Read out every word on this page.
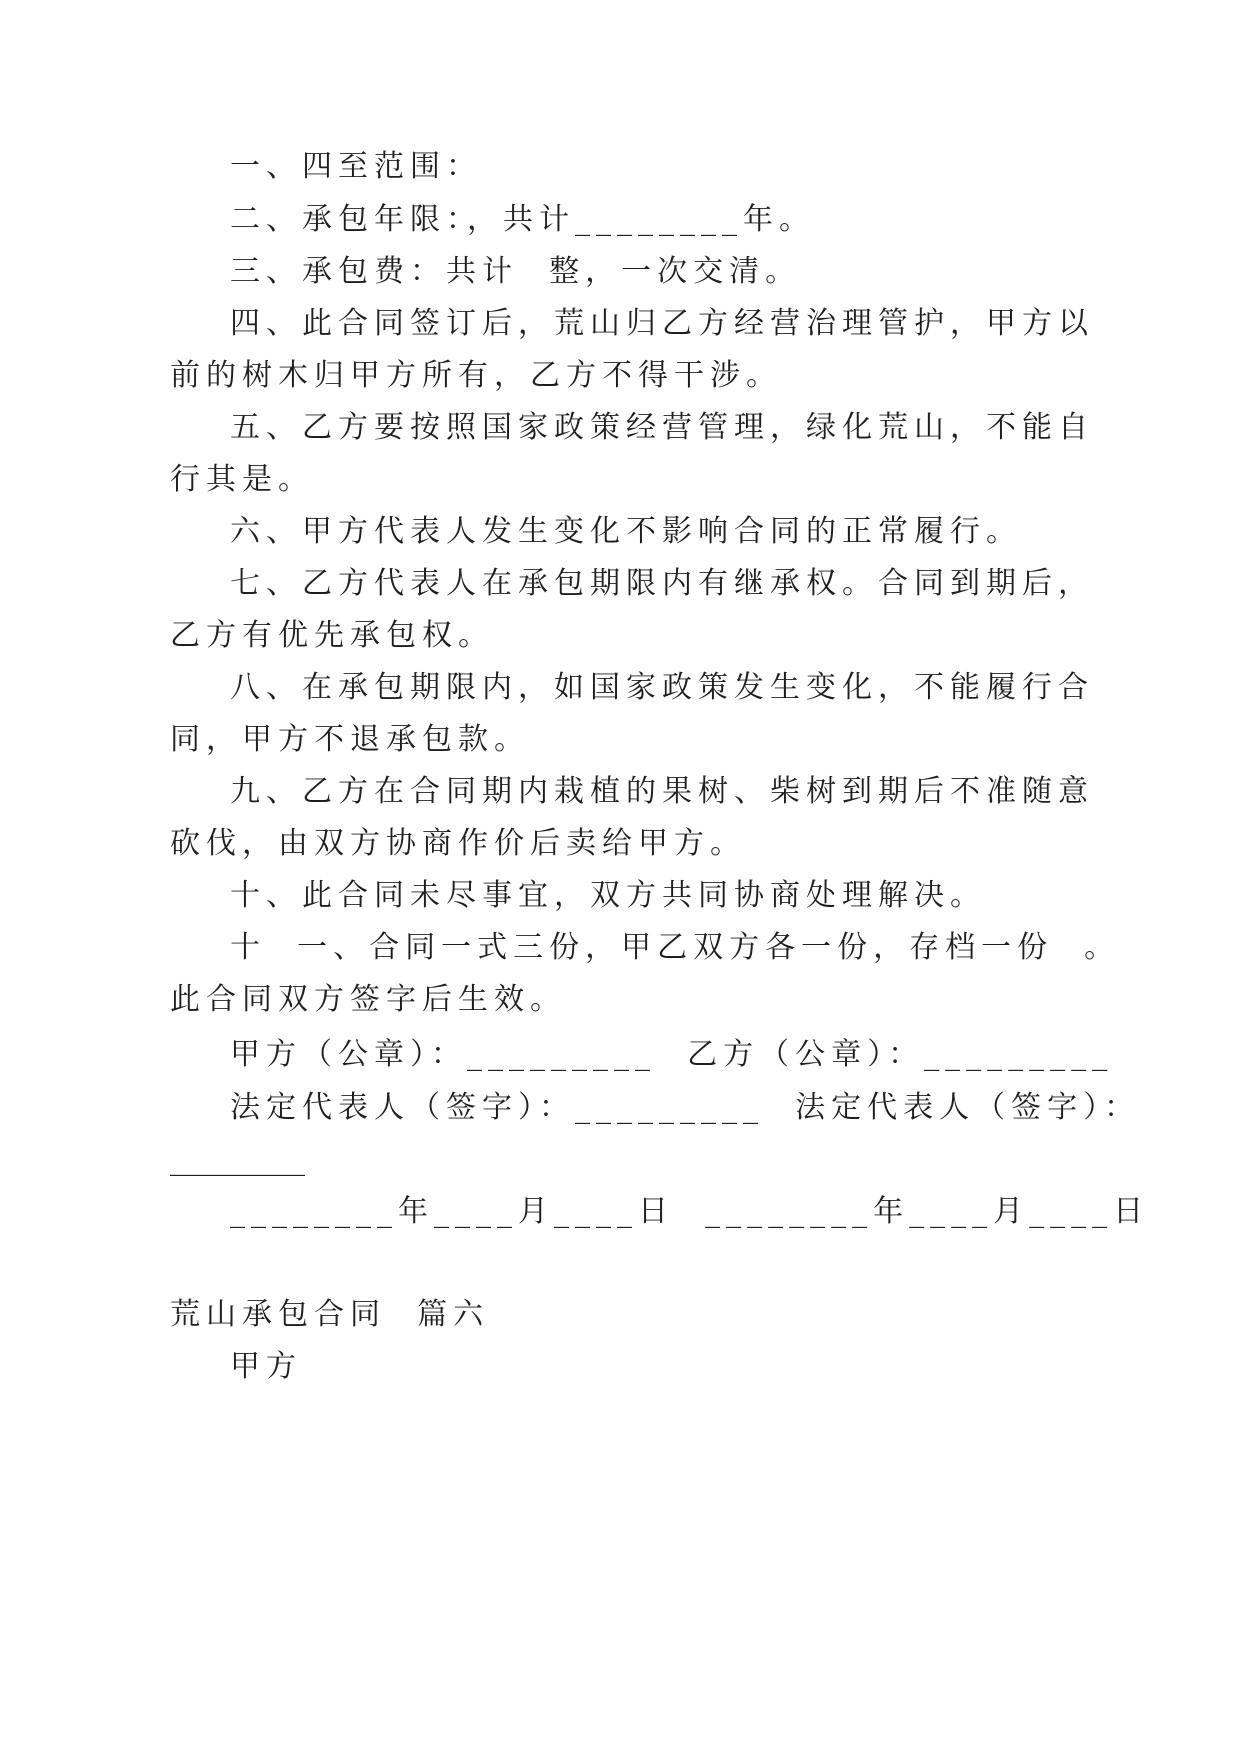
一、四至范围：
二、承包年限：，共计________年。
三、承包费：共计  整，一次交清。
四、此合同签订后，荒山归乙方经营治理管护，甲方以
前的树木归甲方所有，乙方不得干涉。
五、乙方要按照国家政策经营管理，绿化荒山，不能自
行其是。
六、甲方代表人发生变化不影响合同的正常履行。
七、乙方代表人在承包期限内有继承权。合同到期后，
乙方有优先承包权。
八、在承包期限内，如国家政策发生变化，不能履行合
同，甲方不退承包款。
九、乙方在合同期内栽植的果树、柴树到期后不准随意
砍伐，由双方协商作价后卖给甲方。
十、此合同未尽事宜，双方共同协商处理解决。
十  一、合同一式三份，甲乙双方各一份，存档一份  。
此合同双方签字后生效。
甲方（公章）：_________  乙方（公章）：_________
法定代表人（签字）：_________  法定代表人（签字）：
_________
________年____月____日  ________年____月____日
荒山承包合同  篇六
甲方
